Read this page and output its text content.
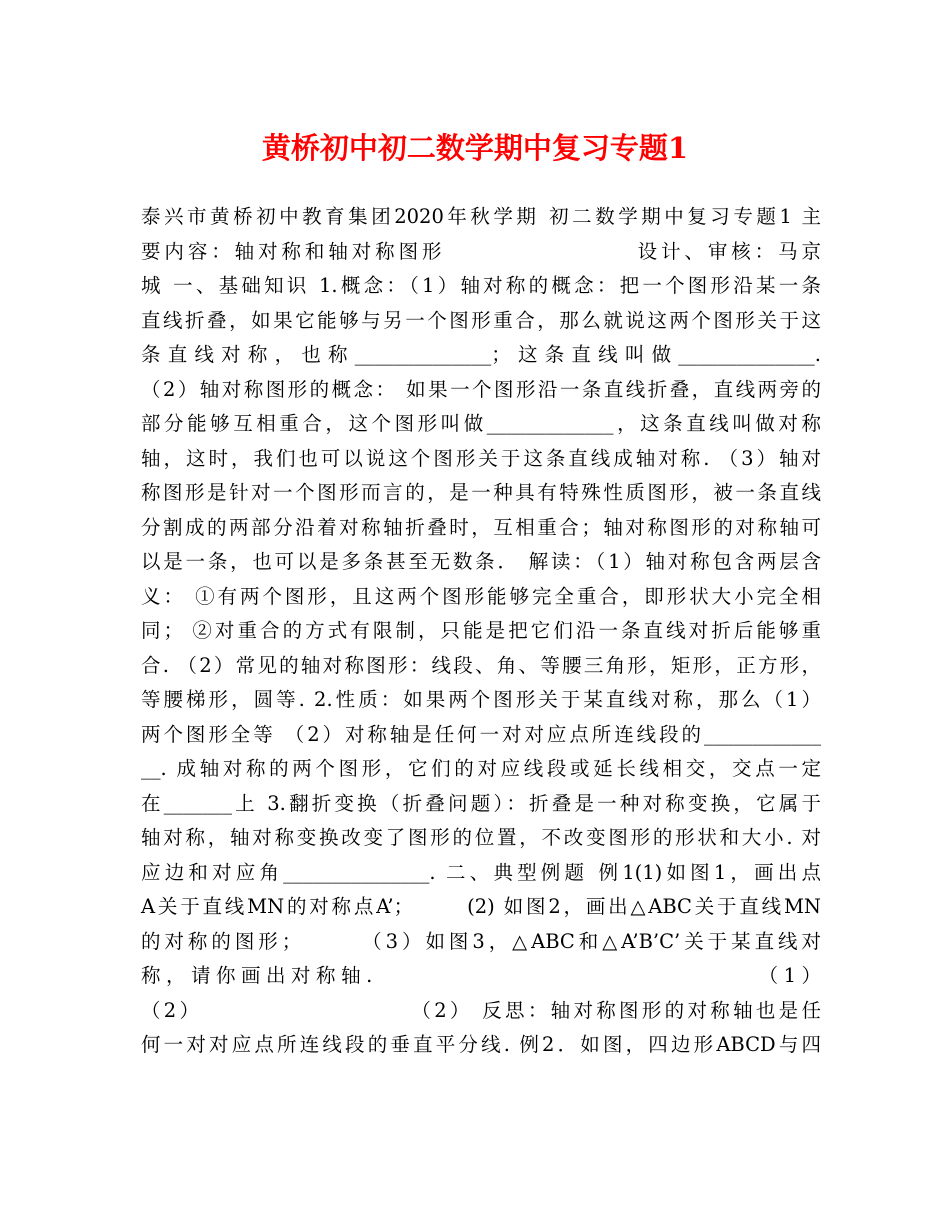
黄桥初中初二数学期中复习专题1
泰兴市黄桥初中教育集团2020年秋学期 初二数学期中复习专题1 主
要内容：轴对称和轴对称图形                   设计、审核：马京
城 一、基础知识 1.概念：（1）轴对称的概念：把一个图形沿某一条
直线折叠，如果它能够与另一个图形重合，那么就说这两个图形关于这
条直线对称，也称______________；这条直线叫做______________.
（2）轴对称图形的概念： 如果一个图形沿一条直线折叠，直线两旁的
部分能够互相重合，这个图形叫做_____________，这条直线叫做对称
轴，这时，我们也可以说这个图形关于这条直线成轴对称. （3）轴对
称图形是针对一个图形而言的，是一种具有特殊性质图形，被一条直线
分割成的两部分沿着对称轴折叠时，互相重合；轴对称图形的对称轴可
以是一条，也可以是多条甚至无数条． 解读：（1）轴对称包含两层含
义： ①有两个图形，且这两个图形能够完全重合，即形状大小完全相
同； ②对重合的方式有限制，只能是把它们沿一条直线对折后能够重
合. （2）常见的轴对称图形：线段、角、等腰三角形，矩形，正方形，
等腰梯形，圆等. 2.性质：如果两个图形关于某直线对称，那么（1）
两个图形全等 （2）对称轴是任何一对对应点所连线段的____________
__. 成轴对称的两个图形，它们的对应线段或延长线相交，交点一定
在_______上 3.翻折变换（折叠问题）：折叠是一种对称变换，它属于
轴对称，轴对称变换改变了图形的位置，不改变图形的形状和大小. 对
应边和对应角_______________. 二、典型例题 例1(1)如图1，画出点
A关于直线MN的对称点A’；      (2) 如图2，画出△ABC关于直线MN
的对称的图形；      （3）如图3，△ABC和△A’B’C’关于某直线对
称，请你画出对称轴.                                 （1）
（2）                      （2） 反思：轴对称图形的对称轴也是任
何一对对应点所连线段的垂直平分线. 例2．如图，四边形ABCD与四
